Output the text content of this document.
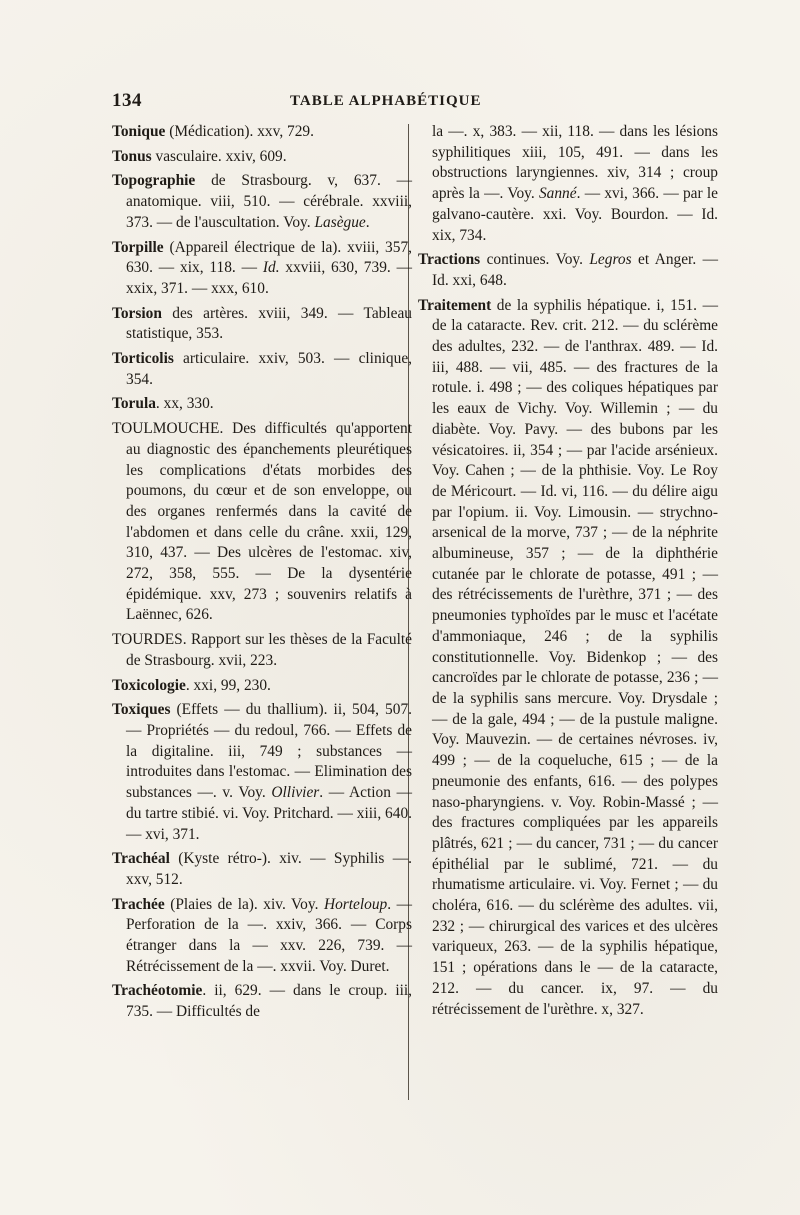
134	TABLE ALPHABÉTIQUE

Tonique (Médication). xxv, 729.

Tonus vasculaire. xxiv, 609.

Topographie de Strasbourg. v, 637. — anatomique. viii, 510. — cérébrale. xxviii, 373. — de l'auscultation. Voy. Lasègue.

Torpille (Appareil électrique de la). xviii, 357, 630. — xix, 118. — Id. xxviii, 630, 739. — xxix, 371. — xxx, 610.

Torsion des artères. xviii, 349. — Tableau statistique, 353.

Torticolis articulaire. xxiv, 503. — clinique, 354.

Torula. xx, 330.

TOULMOUCHE. Des difficultés qu'apportent au diagnostic des épanchements pleurétiques les complications d'états morbides des poumons, du cœur et de son enveloppe, ou des organes renfermés dans la cavité de l'abdomen et dans celle du crâne. xxii, 129, 310, 437. — Des ulcères de l'estomac. xiv, 272, 358, 555. — De la dysentérie épidémique. xxv, 273 ; souvenirs relatifs à Laënnec, 626.

TOURDES. Rapport sur les thèses de la Faculté de Strasbourg. xvii, 223.

Toxicologie. xxi, 99, 230.

Toxiques (Effets — du thallium). ii, 504, 507. — Propriétés — du redoul, 766. — Effets de la digitaline. iii, 749 ; substances — introduites dans l'estomac. — Elimination des substances —. v. Voy. Ollivier. — Action — du tartre stibié. vi. Voy. Pritchard. — xiii, 640. — xvi, 371.

Trachéal (Kyste rétro-). xiv. — Syphilis —. xxv, 512.

Trachée (Plaies de la). xiv. Voy. Horteloup. — Perforation de la —. xxiv, 366. — Corps étranger dans la — xxv. 226, 739. — Rétrécissement de la —. xxvii. Voy. Duret.

Trachéotomie. ii, 629. — dans le croup. iii, 735. — Difficultés de

la —. x, 383. — xii, 118. — dans les lésions syphilitiques xiii, 105, 491. — dans les obstructions laryngiennes. xiv, 314 ; croup après la —. Voy. Sanné. — xvi, 366. — par le galvano-cautère. xxi. Voy. Bourdon. — Id. xix, 734.

Tractions continues. Voy. Legros et Anger. — Id. xxi, 648.

Traitement de la syphilis hépatique. i, 151. — de la cataracte. Rev. crit. 212. — du sclérème des adultes, 232. — de l'anthrax. 489. — Id. iii, 488. — vii, 485. — des fractures de la rotule. i. 498 ; — des coliques hépatiques par les eaux de Vichy. Voy. Willemin ; — du diabète. Voy. Pavy. — des bubons par les vésicatoires. ii, 354 ; — par l'acide arsénieux. Voy. Cahen ; — de la phthisie. Voy. Le Roy de Méricourt. — Id. vi, 116. — du délire aigu par l'opium. ii. Voy. Limousin. — strychno-arsenical de la morve, 737 ; — de la néphrite albumineuse, 357 ; — de la diphthérie cutanée par le chlorate de potasse, 491 ; — des rétrécissements de l'urèthre, 371 ; — des pneumonies typhoïdes par le musc et l'acétate d'ammoniaque, 246 ; de la syphilis constitutionnelle. Voy. Bidenkop ; — des cancroïdes par le chlorate de potasse, 236 ; — de la syphilis sans mercure. Voy. Drysdale ; — de la gale, 494 ; — de la pustule maligne. Voy. Mauvezin. — de certaines névroses. iv, 499 ; — de la coqueluche, 615 ; — de la pneumonie des enfants, 616. — des polypes naso-pharyngiens. v. Voy. Robin-Massé ; — des fractures compliquées par les appareils plâtrés, 621 ; — du cancer, 731 ; — du cancer épithélial par le sublimé, 721. — du rhumatisme articulaire. vi. Voy. Fernet ; — du choléra, 616. — du sclérème des adultes. vii, 232 ; — chirurgical des varices et des ulcères variqueux, 263. — de la syphilis hépatique, 151 ; opérations dans le — de la cataracte, 212. — du cancer. ix, 97. — du rétrécissement de l'urèthre. x, 327.
